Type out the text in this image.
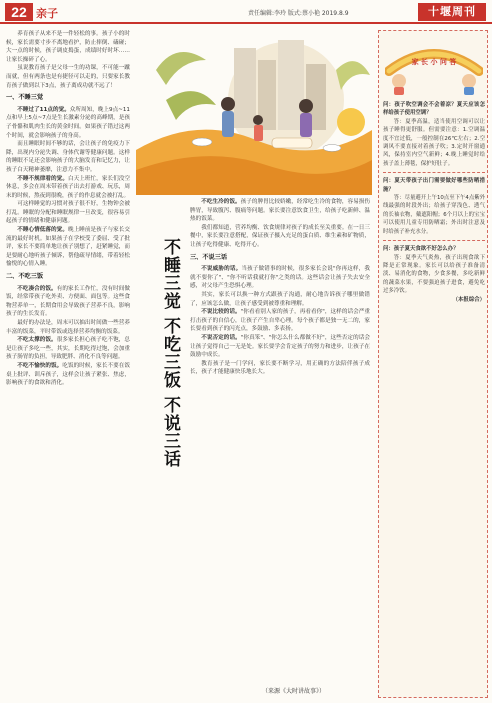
22 亲子	责任编辑:李玲 版式:蔡小艳 2019.8.9	十堰周刊

养育孩子从来不是一件轻松的事。孩子小的时候，家长需要寸步不离地看护，防止摔倒、磕碰；大一点的时候，孩子调皮捣蛋，成绩时好时坏……让家长操碎了心。

虽说教育孩子是父母一生的功课，不可能一蹴而就，但有两条也是有捷径可以走的，只要家长教育孩子做到以下3点，孩子离成功就不远了！

一、不睡三觉

不睡过了11点的觉。众所周知，晚上9点~11点和早上5点~7点是生长激素分泌的高峰期，是孩子骨骼和肌肉生长的黄金时间。如果孩子错过这两个时间，就会影响孩子的身高。

而且睡眠时间不够的话，会让孩子的免疫力下降，出现内分泌失调、身体代谢等健康问题。这样的睡眠不足还会影响孩子的大脑发育和记忆力，让孩子白天精神萎靡，注意力不集中。

不睡不规律看的觉。白天上班忙，家长们没空休息，多会在周末带着孩子出去打游戏、玩乐，周末的时候，熬夜到很晚，孩子的作息就会被打乱。

可这样睡觉的习惯对孩子很不好，生物钟会被打乱。睡眠的分配和睡眠规律一旦改变，很容易引起孩子的情绪和健康问题。

不睡心情低落的觉。晚上睡前是孩子与家长交流的最好时机。如果孩子在学校受了委屈、受了批评，家长不要简单地让孩子别想了，赶紧睡觉，而是要耐心地听孩子倾诉，帮他疏导情绪，带着轻松愉悦的心情入睡。

二、不吃三饭

不吃凑合的饭。有的家长工作忙，没有时间做饭，经常带孩子吃外卖、方便面、面包等。这些食物营养单一，长期食用会导致孩子营养不良，影响孩子的生长发育。

最好的办法是，周末可以抽出时间做一些营养丰富的饭菜，平时带饭或选择营养均衡的饭菜。

不吃太撑的饭。很多家长担心孩子吃不饱，总是让孩子多吃一些，其实，长期吃得过饱，会加重孩子肠胃的负担，导致肥胖、消化不良等问题。

不吃不愉快的饭。吃饭的时候，家长不要在饭桌上批评、训斥孩子，这样会让孩子紧张、焦虑，影响孩子的食欲和消化。	不睡三觉 不吃三饭 不说三话

不吃生冷的饭。孩子的脾胃比较娇嫩，经常吃生冷的食物，容易损伤脾胃，导致腹泻、腹痛等问题。家长要注意饮食卫生，给孩子吃新鲜、温热的饭菜。

我们都知道，营养均衡、饮食规律对孩子的成长至关重要。在一日三餐中，家长要注意搭配，保证孩子摄入充足的蛋白质、维生素和矿物质，让孩子吃得健康、吃得开心。

三、不说三话

不说威胁的话。当孩子做错事的时候，很多家长会说"你再这样，我就不要你了"、"你不听话我就打你"之类的话。这些话会让孩子失去安全感，对父母产生恐惧心理。

其实，家长可以换一种方式跟孩子沟通，耐心地告诉孩子哪里做错了，应该怎么做，让孩子感受到被尊重和理解。

不说比较的话。"你看看别人家的孩子，再看看你"，这样的话会严重打击孩子的自信心，让孩子产生自卑心理。每个孩子都是独一无二的，家长要看到孩子的闪光点，多鼓励、多表扬。

不说否定的话。"你真笨"、"你怎么什么都做不好"，这些否定的话会让孩子觉得自己一无是处。家长要学会肯定孩子的努力和进步，让孩子在鼓励中成长。

教育孩子是一门学问，家长要不断学习，用正确的方法陪伴孩子成长，孩子才能健康快乐地长大。

（来源《大时讲故事》）
家 长 小 问 答

问：孩子吹空调会不会着凉？夏天应该怎样给孩子使用空调？

答：夏季高温，适当使用空调可以让孩子睡得更舒服。但需要注意：1.空调温度不宜过低，一般控制在26℃左右；2.空调风不要直接对着孩子吹；3.定时开窗通风，保持室内空气新鲜；4.晚上睡觉时给孩子盖上薄毯，保护好肚子。

问：夏天带孩子出门需要做好哪些防晒措施？

答：尽量避开上午10点至下午4点紫外线最强的时段外出；给孩子穿浅色、透气的长袖衣物，戴遮阳帽；6个月以上的宝宝可以使用儿童专用防晒霜；外出时注意及时给孩子补充水分。

问：孩子夏天食欲不好怎么办？

答：夏季天气炎热，孩子出现食欲下降是正常现象。家长可以给孩子准备清淡、易消化的食物，少食多餐，多吃新鲜的蔬菜水果，不要强迫孩子进食，避免吃过多冷饮。

（本报综合）
